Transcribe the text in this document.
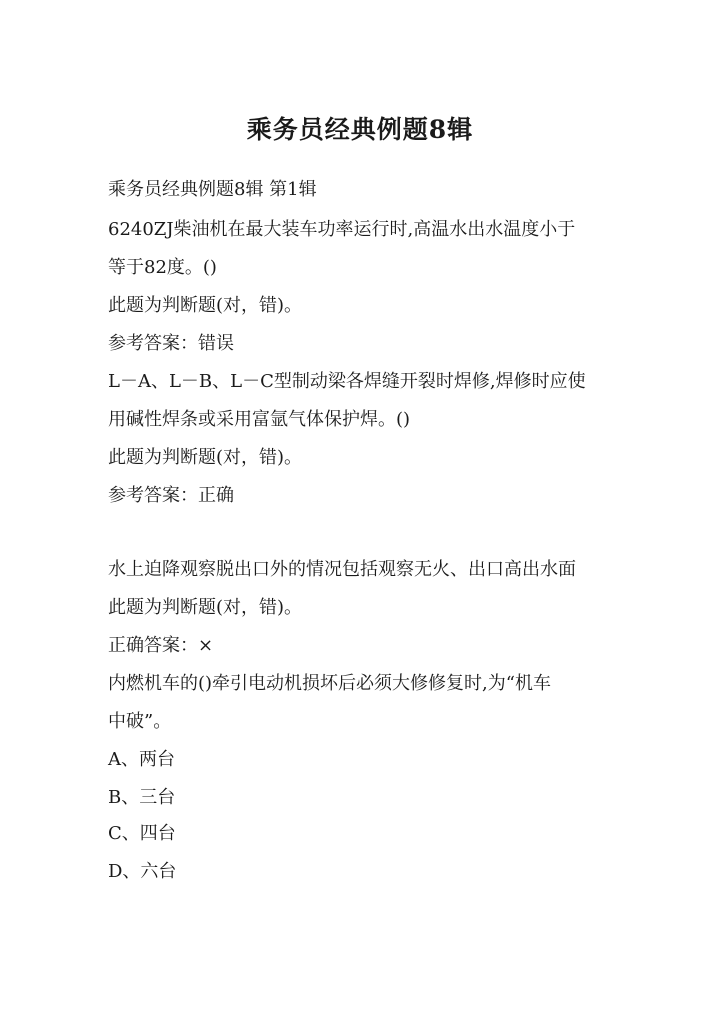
乘务员经典例题8辑
乘务员经典例题8辑 第1辑
6240ZJ柴油机在最大装车功率运行时,高温水出水温度小于
等于82度。()
此题为判断题(对，错)。
参考答案：错误
L－A、L－B、L－C型制动梁各焊缝开裂时焊修,焊修时应使
用碱性焊条或采用富氩气体保护焊。()
此题为判断题(对，错)。
参考答案：正确
水上迫降观察脱出口外的情况包括观察无火、出口高出水面
此题为判断题(对，错)。
正确答案：×
内燃机车的()牵引电动机损坏后必须大修修复时,为“机车
中破”。
A、两台
B、三台
C、四台
D、六台
